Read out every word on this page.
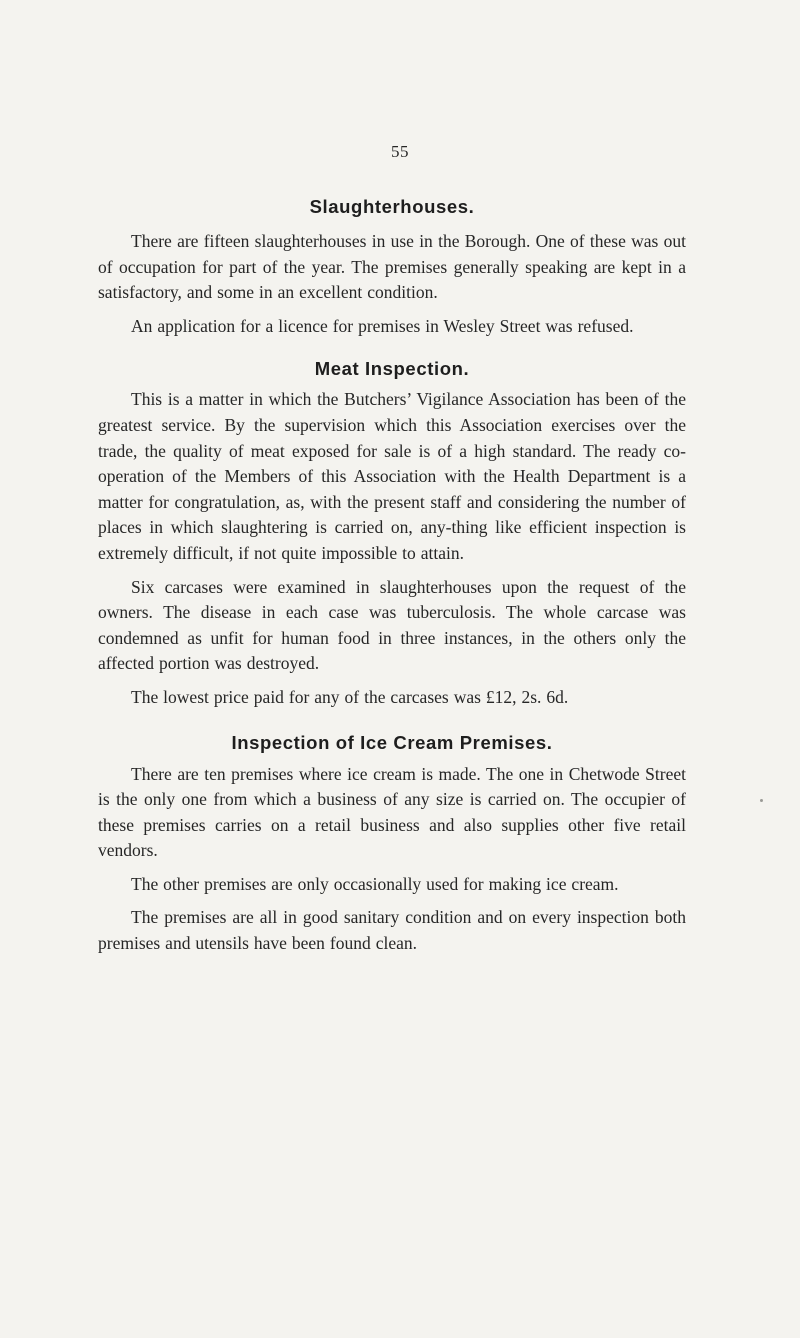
55
Slaughterhouses.

There are fifteen slaughterhouses in use in the Borough. One of these was out of occupation for part of the year. The premises generally speaking are kept in a satisfactory, and some in an excellent condition.

An application for a licence for premises in Wesley Street was refused.

Meat Inspection.

This is a matter in which the Butchers’ Vigilance Association has been of the greatest service. By the supervision which this Association exercises over the trade, the quality of meat exposed for sale is of a high standard. The ready co-operation of the Members of this Association with the Health Department is a matter for congratulation, as, with the present staff and considering the number of places in which slaughtering is carried on, any-thing like efficient inspection is extremely difficult, if not quite impossible to attain.

Six carcases were examined in slaughterhouses upon the request of the owners. The disease in each case was tuberculosis. The whole carcase was condemned as unfit for human food in three instances, in the others only the affected portion was destroyed.

The lowest price paid for any of the carcases was £12, 2s. 6d.

Inspection of Ice Cream Premises.

There are ten premises where ice cream is made. The one in Chetwode Street is the only one from which a business of any size is carried on. The occupier of these premises carries on a retail business and also supplies other five retail vendors.

The other premises are only occasionally used for making ice cream.

The premises are all in good sanitary condition and on every inspection both premises and utensils have been found clean.
